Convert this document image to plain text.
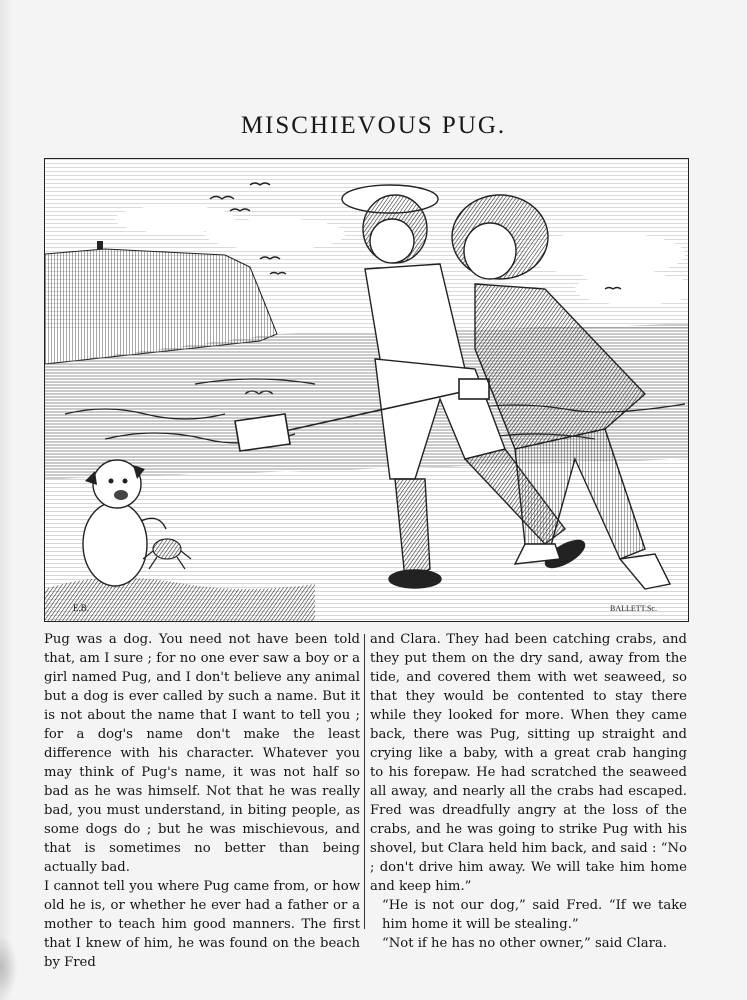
MISCHIEVOUS PUG.
E.B.	BALLETT.Sc.

Pug was a dog. You need not have been told that, am I sure ; for no one ever saw a boy or a girl named Pug, and I don't believe any animal but a dog is ever called by such a name. But it is not about the name that I want to tell you ; for a dog's name don't make the least difference with his character. Whatever you may think of Pug's name, it was not half so bad as he was himself. Not that he was really bad, you must understand, in biting people, as some dogs do ; but he was mischievous, and that is sometimes no better than being actually bad.

I cannot tell you where Pug came from, or how old he is, or whether he ever had a father or a mother to teach him good manners. The first that I knew of him, he was found on the beach by Fred

and Clara. They had been catching crabs, and they put them on the dry sand, away from the tide, and covered them with wet seaweed, so that they would be contented to stay there while they looked for more. When they came back, there was Pug, sitting up straight and crying like a baby, with a great crab hanging to his forepaw. He had scratched the seaweed all away, and nearly all the crabs had escaped. Fred was dreadfully angry at the loss of the crabs, and he was going to strike Pug with his shovel, but Clara held him back, and said : “No ; don't drive him away. We will take him home and keep him.”

“He is not our dog,” said Fred. “If we take him home it will be stealing.”

“Not if he has no other owner,” said Clara.
